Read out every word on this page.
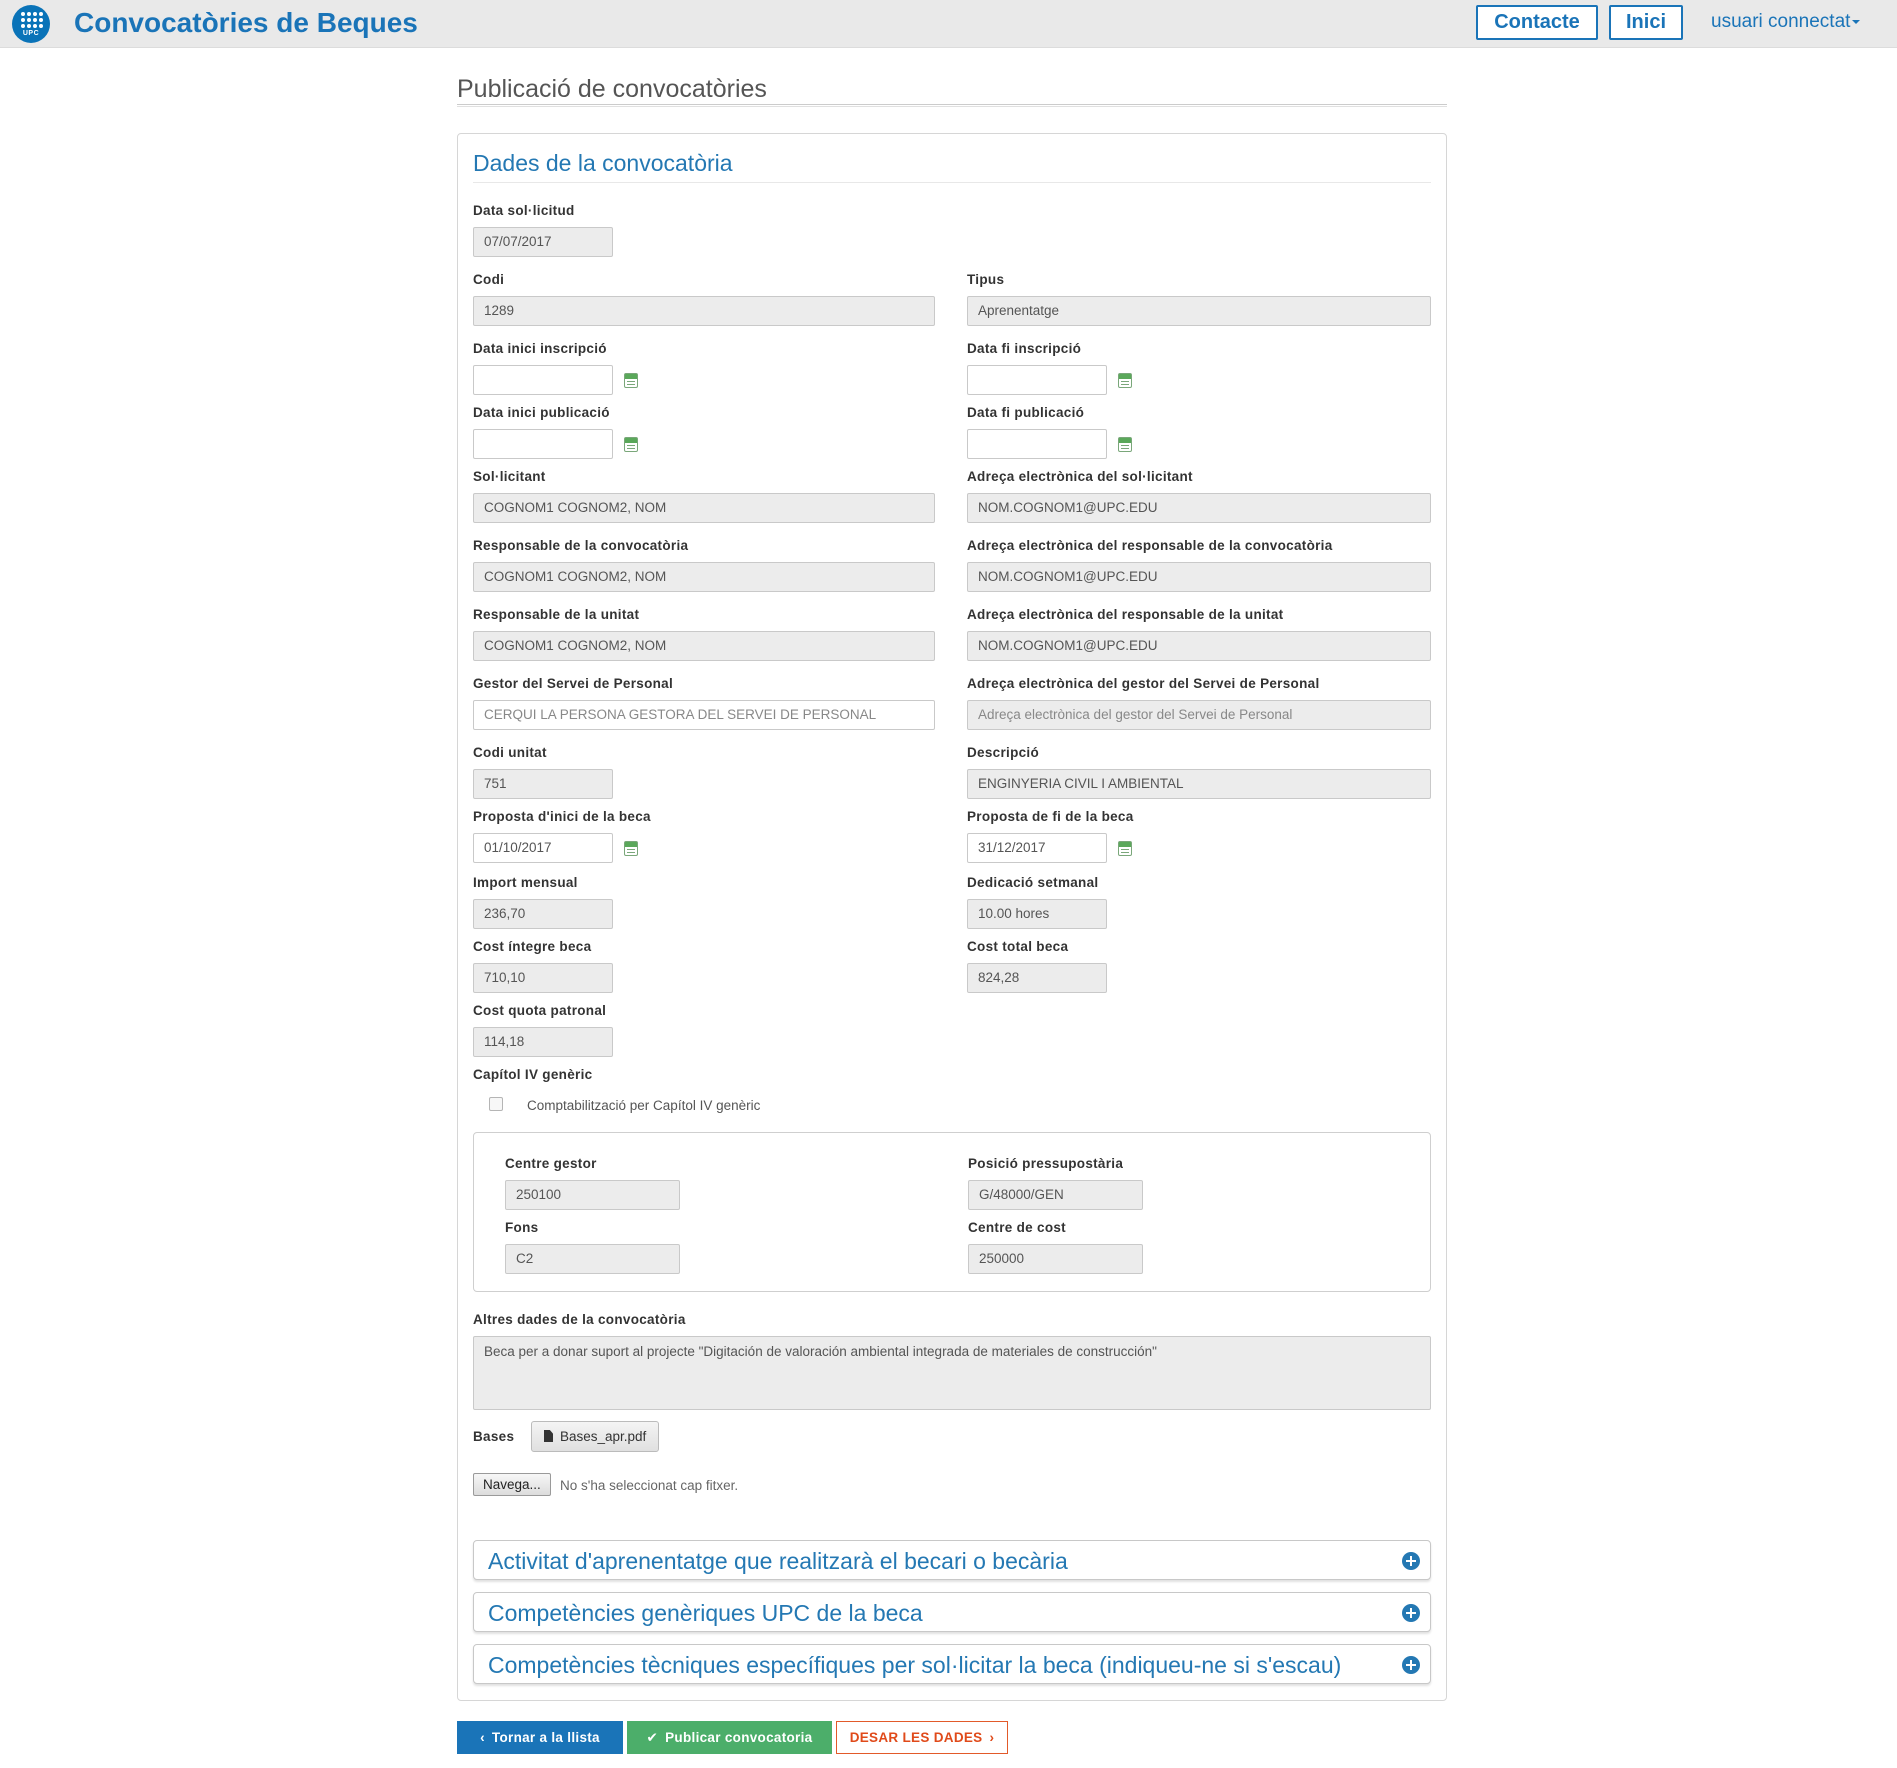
UPC	Convocatòries de Beques	Contacte	Inici	usuari connectat
Publicació de convocatòries
Dades de la convocatòria
Data sol·licitud
07/07/2017
Codi
1289
Tipus
Aprenentatge
Data inici inscripció	Data fi inscripció
Data inici publicació	Data fi publicació
Sol·licitant
COGNOM1 COGNOM2, NOM
Adreça electrònica del sol·licitant
NOM.COGNOM1@UPC.EDU
Responsable de la convocatòria
COGNOM1 COGNOM2, NOM
Adreça electrònica del responsable de la convocatòria
NOM.COGNOM1@UPC.EDU
Responsable de la unitat
COGNOM1 COGNOM2, NOM
Adreça electrònica del responsable de la unitat
NOM.COGNOM1@UPC.EDU
Gestor del Servei de Personal
CERQUI LA PERSONA GESTORA DEL SERVEI DE PERSONAL
Adreça electrònica del gestor del Servei de Personal
Adreça electrònica del gestor del Servei de Personal
Codi unitat
751
Descripció
ENGINYERIA CIVIL I AMBIENTAL
Proposta d'inici de la beca
01/10/2017
Proposta de fi de la beca
31/12/2017
Import mensual
236,70
Dedicació setmanal
10.00 hores
Cost íntegre beca
710,10
Cost total beca
824,28
Cost quota patronal
114,18
Capítol IV genèric
Comptabilització per Capítol IV genèric
Centre gestor
250100
Posició pressupostària
G/48000/GEN
Fons
C2
Centre de cost
250000
Altres dades de la convocatòria
Beca per a donar suport al projecte "Digitación de valoración ambiental integrada de materiales de construcción"
Bases	Bases_apr.pdf
Navega...	No s'ha seleccionat cap fitxer.
Activitat d'aprenentatge que realitzarà el becari o becària
Competències genèriques UPC de la beca
Competències tècniques específiques per sol·licitar la beca (indiqueu-ne si s'escau)
‹ Tornar a la llista	✔ Publicar convocatoria	DESAR LES DADES ›
